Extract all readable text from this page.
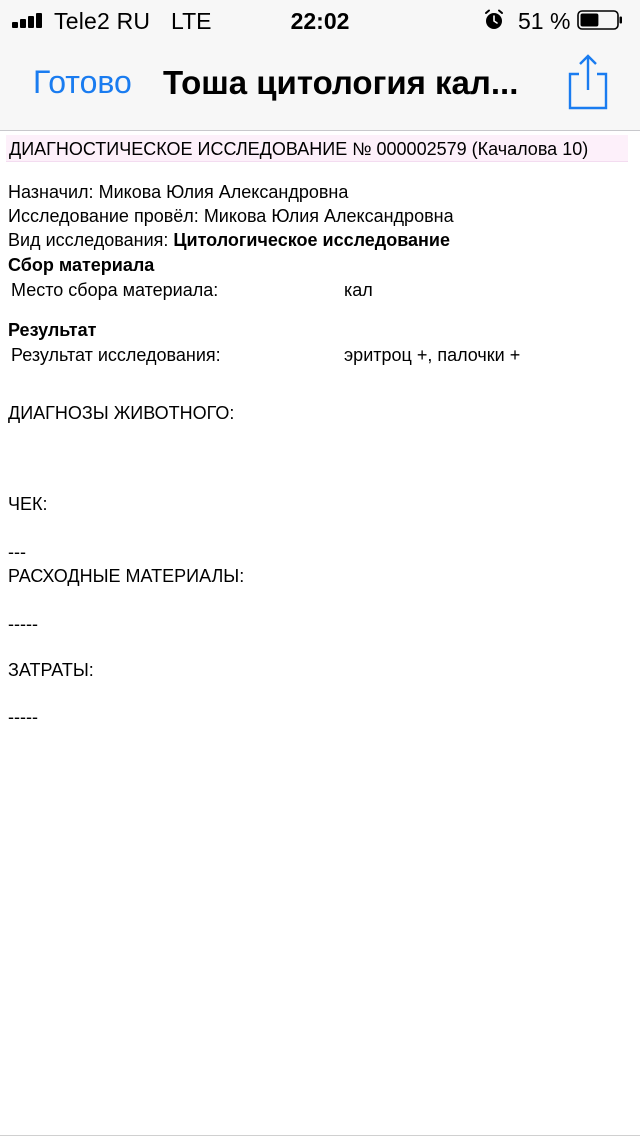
Tele2 RU LTE	22:02	51 %
Готово Тоша цитология кал...
ДИАГНОСТИЧЕСКОЕ ИССЛЕДОВАНИЕ № 000002579 (Качалова 10)
Назначил: Микова Юлия Александровна
Исследование провёл: Микова Юлия Александровна
Вид исследования: Цитологическое исследование
Сбор материала
Место сбора материала:	кал
Результат
Результат исследования:	эритроц +, палочки +
ДИАГНОЗЫ ЖИВОТНОГО:
ЧЕК:
---
РАСХОДНЫЕ МАТЕРИАЛЫ:
-----
ЗАТРАТЫ:
-----
